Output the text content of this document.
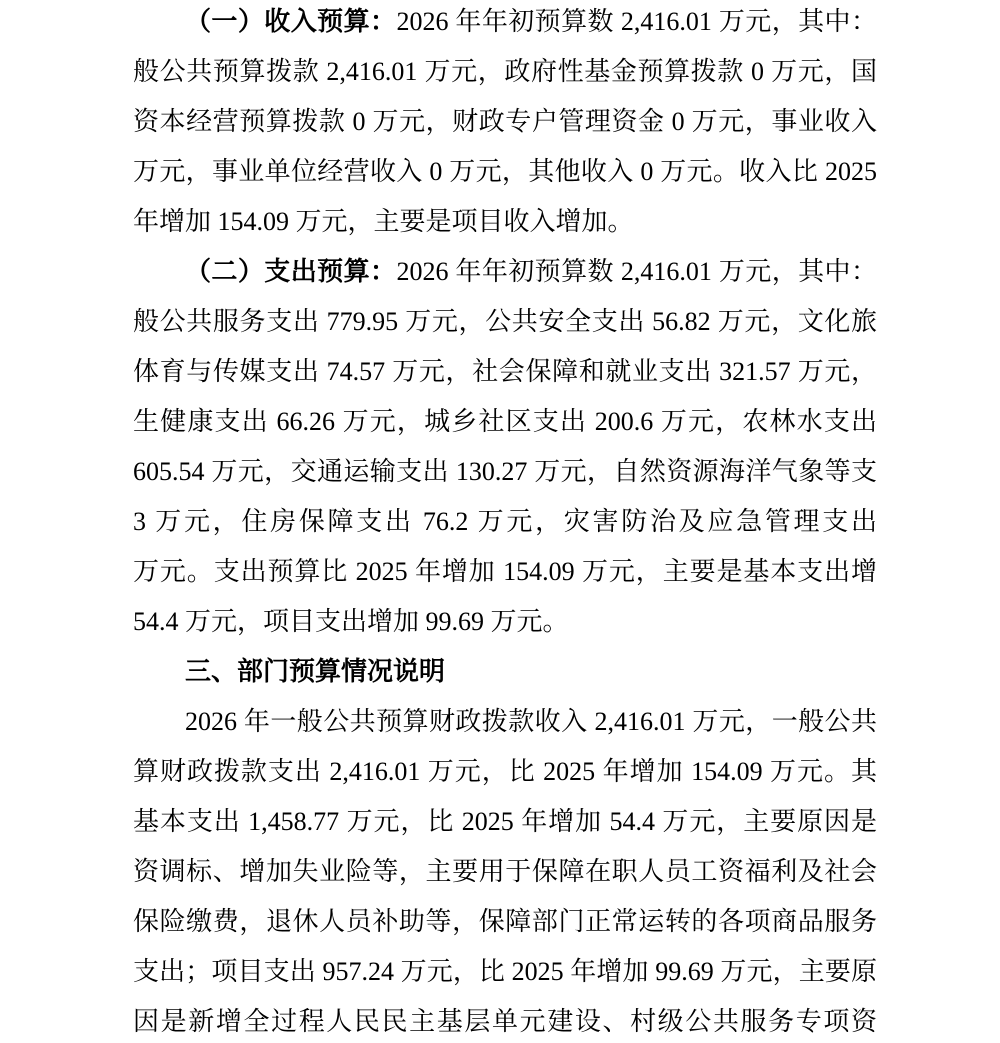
（一）收入预算：2026 年年初预算数 2,416.01 万元，其中：
般公共预算拨款 2,416.01 万元，政府性基金预算拨款 0 万元，国
资本经营预算拨款 0 万元，财政专户管理资金 0 万元，事业收入
万元，事业单位经营收入 0 万元，其他收入 0 万元。收入比 2025
年增加 154.09 万元，主要是项目收入增加。
（二）支出预算：2026 年年初预算数 2,416.01 万元，其中：
般公共服务支出 779.95 万元，公共安全支出 56.82 万元，文化旅
体育与传媒支出 74.57 万元，社会保障和就业支出 321.57 万元，
生健康支出 66.26 万元，城乡社区支出 200.6 万元，农林水支出
605.54 万元，交通运输支出 130.27 万元，自然资源海洋气象等支
3 万元，住房保障支出 76.2 万元，灾害防治及应急管理支出
万元。支出预算比 2025 年增加 154.09 万元，主要是基本支出增
54.4 万元，项目支出增加 99.69 万元。
三、部门预算情况说明
2026 年一般公共预算财政拨款收入 2,416.01 万元，一般公共
算财政拨款支出 2,416.01 万元，比 2025 年增加 154.09 万元。其
基本支出 1,458.77 万元，比 2025 年增加 54.4 万元，主要原因是
资调标、增加失业险等，主要用于保障在职人员工资福利及社会
保险缴费，退休人员补助等，保障部门正常运转的各项商品服务
支出；项目支出 957.24 万元，比 2025 年增加 99.69 万元，主要原
因是新增全过程人民民主基层单元建设、村级公共服务专项资
